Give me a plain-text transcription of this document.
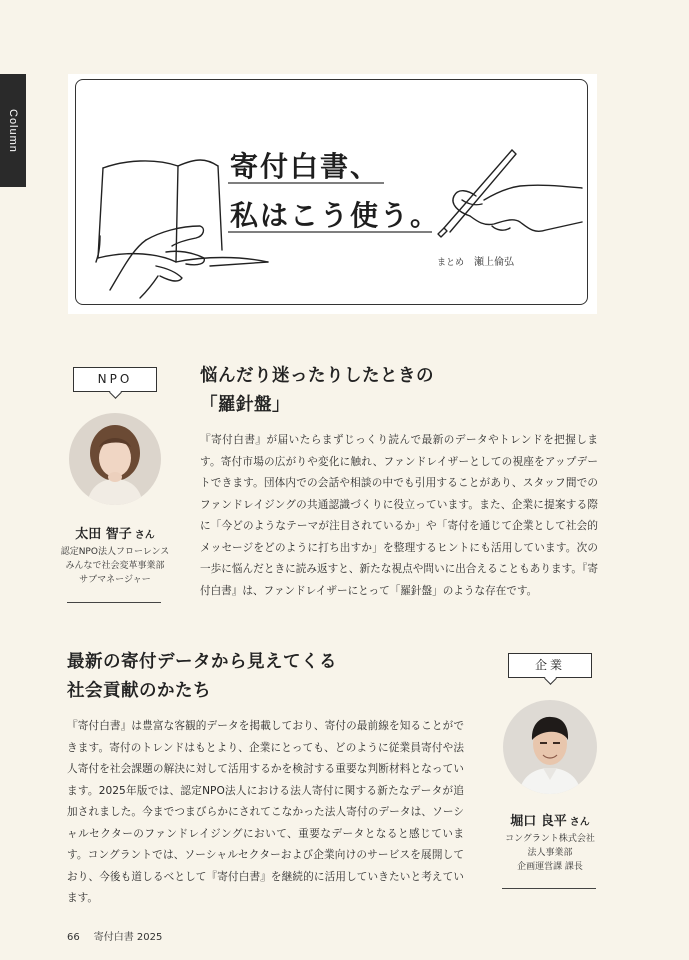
Column
寄付白書、
私はこう使う。
まとめ 瀬上倫弘
NPO
太田 智子 さん
認定NPO法人フローレンス
みんなで社会変革事業部
サブマネージャー
悩んだり迷ったりしたときの
「羅針盤」

『寄付白書』が届いたらまずじっくり読んで最新のデータやトレンドを把握します。寄付市場の広がりや変化に触れ、ファンドレイザーとしての視座をアップデートできます。団体内での会話や相談の中でも引用することがあり、スタッフ間でのファンドレイジングの共通認識づくりに役立っています。また、企業に提案する際に「今どのようなテーマが注目されているか」や「寄付を通じて企業として社会的メッセージをどのように打ち出すか」を整理するヒントにも活用しています。次の一歩に悩んだときに読み返すと、新たな視点や問いに出合えることもあります。『寄付白書』は、ファンドレイザーにとって「羅針盤」のような存在です。

最新の寄付データから見えてくる
社会貢献のかたち

『寄付白書』は豊富な客観的データを掲載しており、寄付の最前線を知ることができます。寄付のトレンドはもとより、企業にとっても、どのように従業員寄付や法人寄付を社会課題の解決に対して活用するかを検討する重要な判断材料となっています。2025年版では、認定NPO法人における法人寄付に関する新たなデータが追加されました。今までつまびらかにされてこなかった法人寄付のデータは、ソーシャルセクターのファンドレイジングにおいて、重要なデータとなると感じています。コングラントでは、ソーシャルセクターおよび企業向けのサービスを展開しており、今後も道しるべとして『寄付白書』を継続的に活用していきたいと考えています。

企業
堀口 良平 さん
コングラント株式会社
法人事業部
企画運営課 課長
66 寄付白書 2025
